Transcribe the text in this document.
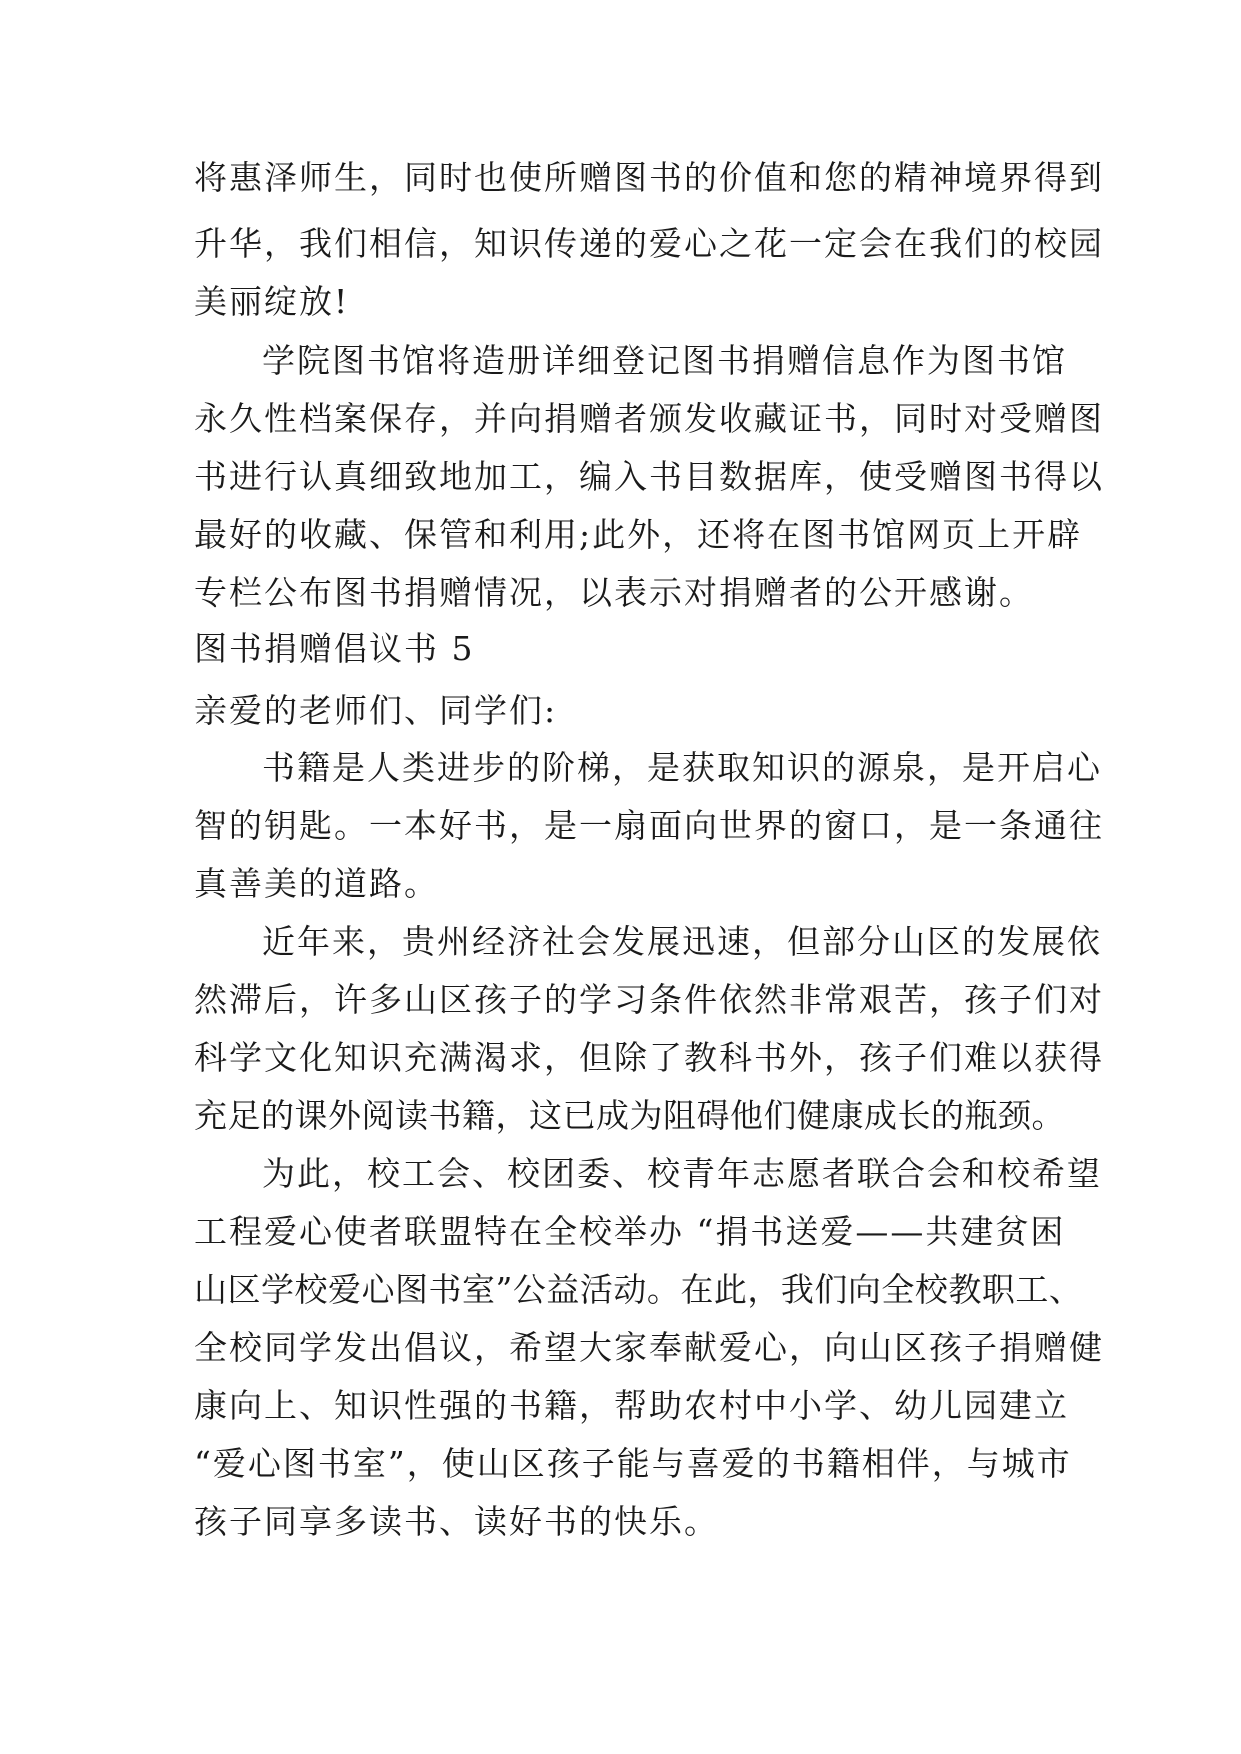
将惠泽师生，同时也使所赠图书的价值和您的精神境界得到
升华，我们相信，知识传递的爱心之花一定会在我们的校园
美丽绽放!
学院图书馆将造册详细登记图书捐赠信息作为图书馆
永久性档案保存，并向捐赠者颁发收藏证书，同时对受赠图
书进行认真细致地加工，编入书目数据库，使受赠图书得以
最好的收藏、保管和利用;此外，还将在图书馆网页上开辟
专栏公布图书捐赠情况，以表示对捐赠者的公开感谢。
图书捐赠倡议书 5
亲爱的老师们、同学们:
书籍是人类进步的阶梯，是获取知识的源泉，是开启心
智的钥匙。一本好书，是一扇面向世界的窗口，是一条通往
真善美的道路。
近年来，贵州经济社会发展迅速，但部分山区的发展依
然滞后，许多山区孩子的学习条件依然非常艰苦，孩子们对
科学文化知识充满渴求，但除了教科书外，孩子们难以获得
充足的课外阅读书籍，这已成为阻碍他们健康成长的瓶颈。
为此，校工会、校团委、校青年志愿者联合会和校希望
工程爱心使者联盟特在全校举办 “捐书送爱——共建贫困
山区学校爱心图书室”公益活动。在此，我们向全校教职工、
全校同学发出倡议，希望大家奉献爱心，向山区孩子捐赠健
康向上、知识性强的书籍，帮助农村中小学、幼儿园建立
“爱心图书室”，使山区孩子能与喜爱的书籍相伴，与城市
孩子同享多读书、读好书的快乐。
